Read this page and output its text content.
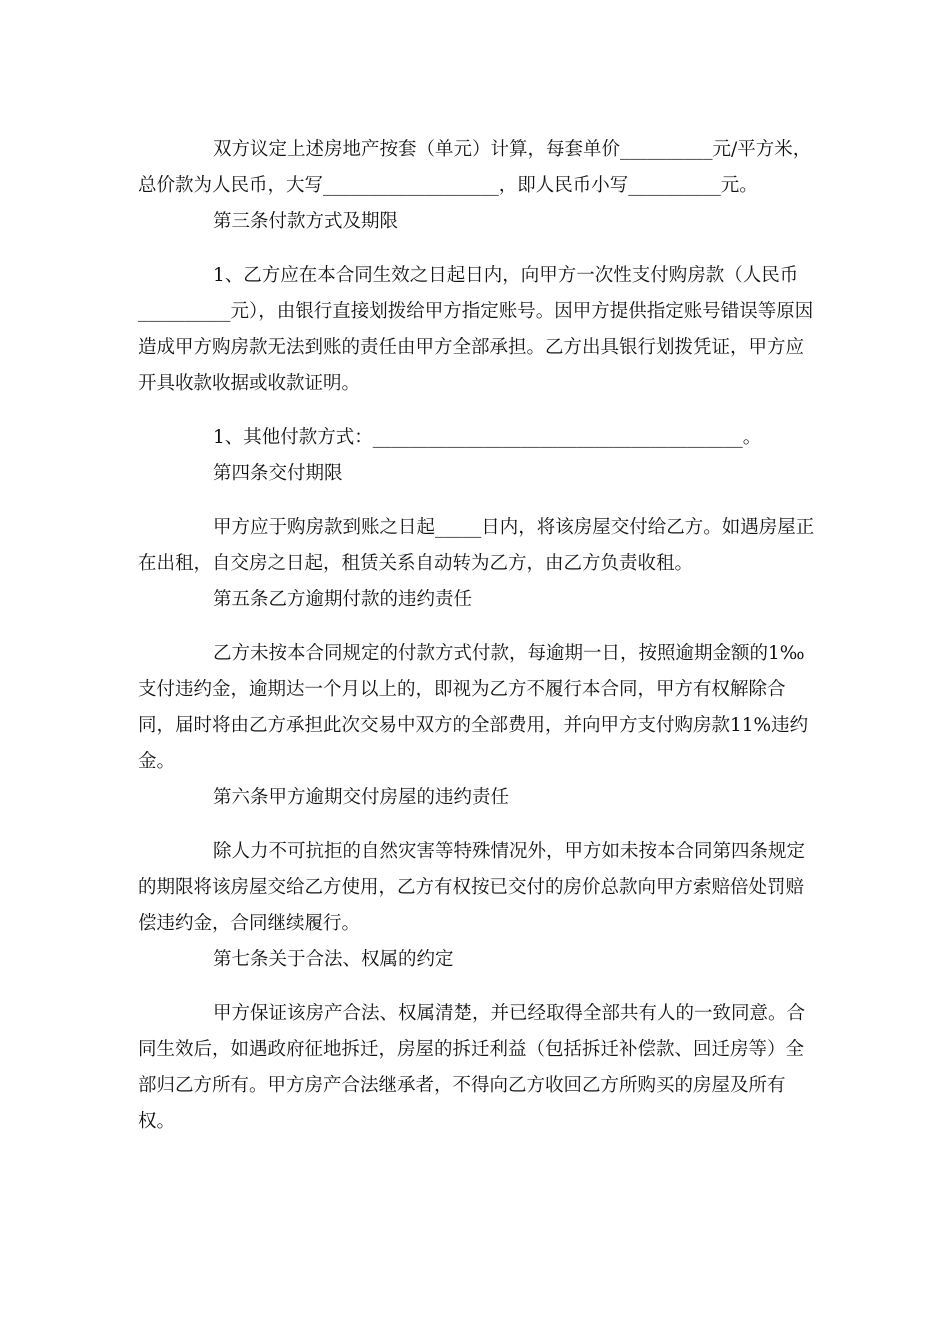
双方议定上述房地产按套（单元）计算，每套单价__________元/平方米，总价款为人民币，大写___________________，即人民币小写__________元。

第三条付款方式及期限

1、乙方应在本合同生效之日起日内，向甲方一次性支付购房款（人民币__________元），由银行直接划拨给甲方指定账号。因甲方提供指定账号错误等原因造成甲方购房款无法到账的责任由甲方全部承担。乙方出具银行划拨凭证，甲方应开具收款收据或收款证明。

1、其他付款方式：________________________________________。

第四条交付期限

甲方应于购房款到账之日起_____日内，将该房屋交付给乙方。如遇房屋正在出租，自交房之日起，租赁关系自动转为乙方，由乙方负责收租。

第五条乙方逾期付款的违约责任

乙方未按本合同规定的付款方式付款，每逾期一日，按照逾期金额的1‰支付违约金，逾期达一个月以上的，即视为乙方不履行本合同，甲方有权解除合同，届时将由乙方承担此次交易中双方的全部费用，并向甲方支付购房款11%违约金。

第六条甲方逾期交付房屋的违约责任

除人力不可抗拒的自然灾害等特殊情况外，甲方如未按本合同第四条规定的期限将该房屋交给乙方使用，乙方有权按已交付的房价总款向甲方索赔倍处罚赔偿违约金，合同继续履行。

第七条关于合法、权属的约定

甲方保证该房产合法、权属清楚，并已经取得全部共有人的一致同意。合同生效后，如遇政府征地拆迁，房屋的拆迁利益（包括拆迁补偿款、回迁房等）全部归乙方所有。甲方房产合法继承者，不得向乙方收回乙方所购买的房屋及所有权。
